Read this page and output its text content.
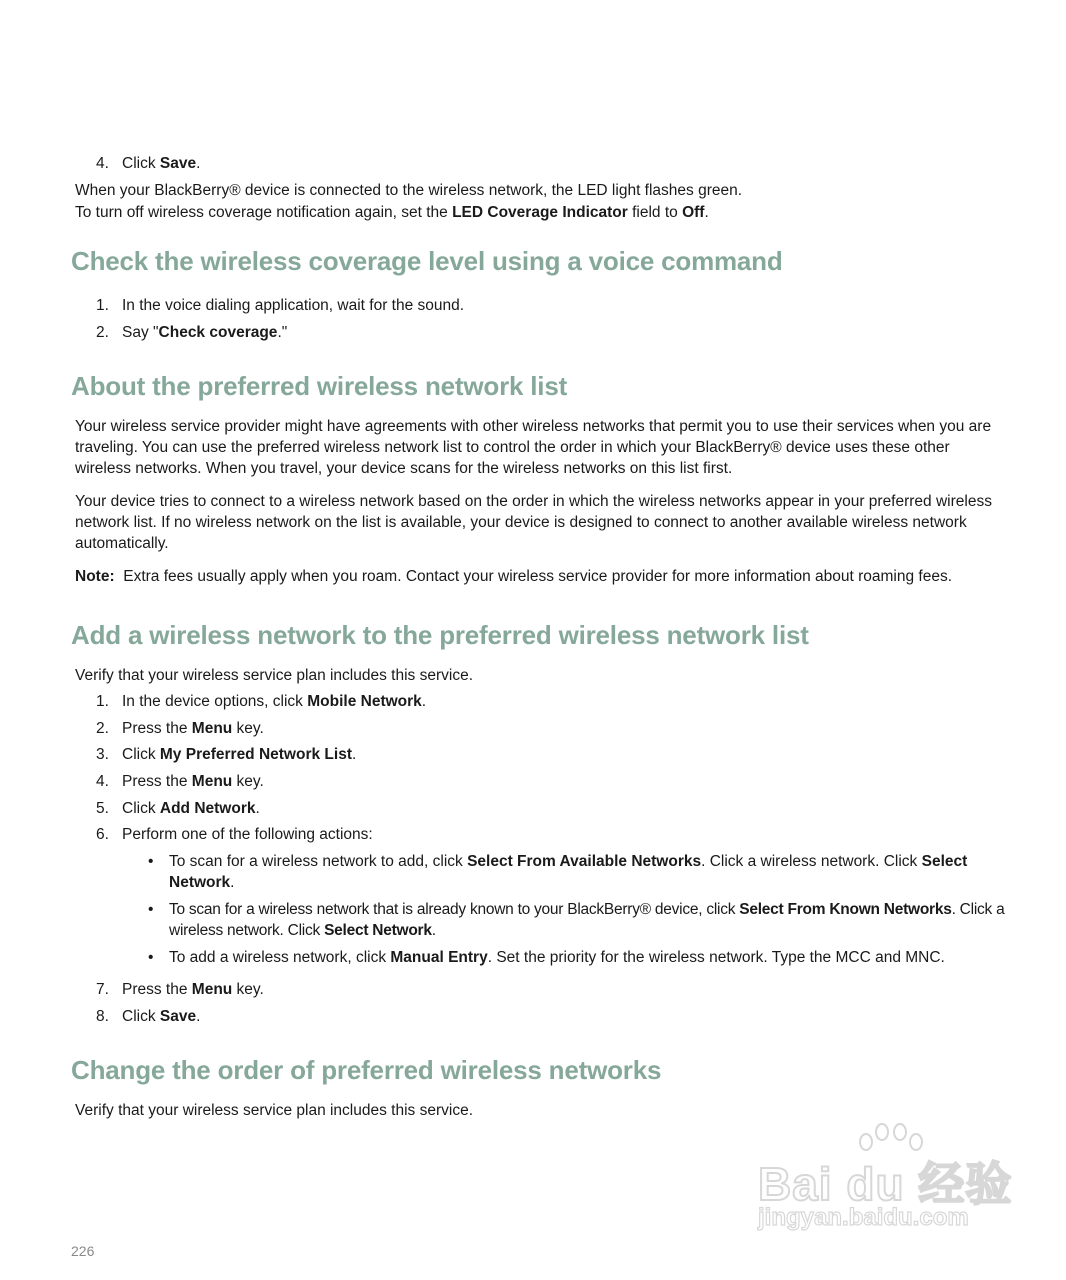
4. Click Save.
When your BlackBerry® device is connected to the wireless network, the LED light flashes green.
To turn off wireless coverage notification again, set the LED Coverage Indicator field to Off.
Check the wireless coverage level using a voice command
1. In the voice dialing application, wait for the sound.
2. Say "Check coverage."
About the preferred wireless network list
Your wireless service provider might have agreements with other wireless networks that permit you to use their services when you are traveling. You can use the preferred wireless network list to control the order in which your BlackBerry® device uses these other wireless networks. When you travel, your device scans for the wireless networks on this list first.
Your device tries to connect to a wireless network based on the order in which the wireless networks appear in your preferred wireless network list. If no wireless network on the list is available, your device is designed to connect to another available wireless network automatically.
Note: Extra fees usually apply when you roam. Contact your wireless service provider for more information about roaming fees.
Add a wireless network to the preferred wireless network list
Verify that your wireless service plan includes this service.
1. In the device options, click Mobile Network.
2. Press the Menu key.
3. Click My Preferred Network List.
4. Press the Menu key.
5. Click Add Network.
6. Perform one of the following actions:
• To scan for a wireless network to add, click Select From Available Networks. Click a wireless network. Click Select Network.
• To scan for a wireless network that is already known to your BlackBerry® device, click Select From Known Networks. Click a wireless network. Click Select Network.
• To add a wireless network, click Manual Entry. Set the priority for the wireless network. Type the MCC and MNC.
7. Press the Menu key.
8. Click Save.
Change the order of preferred wireless networks
Verify that your wireless service plan includes this service.
Bai du 经验
jingyan.baidu.com
226
